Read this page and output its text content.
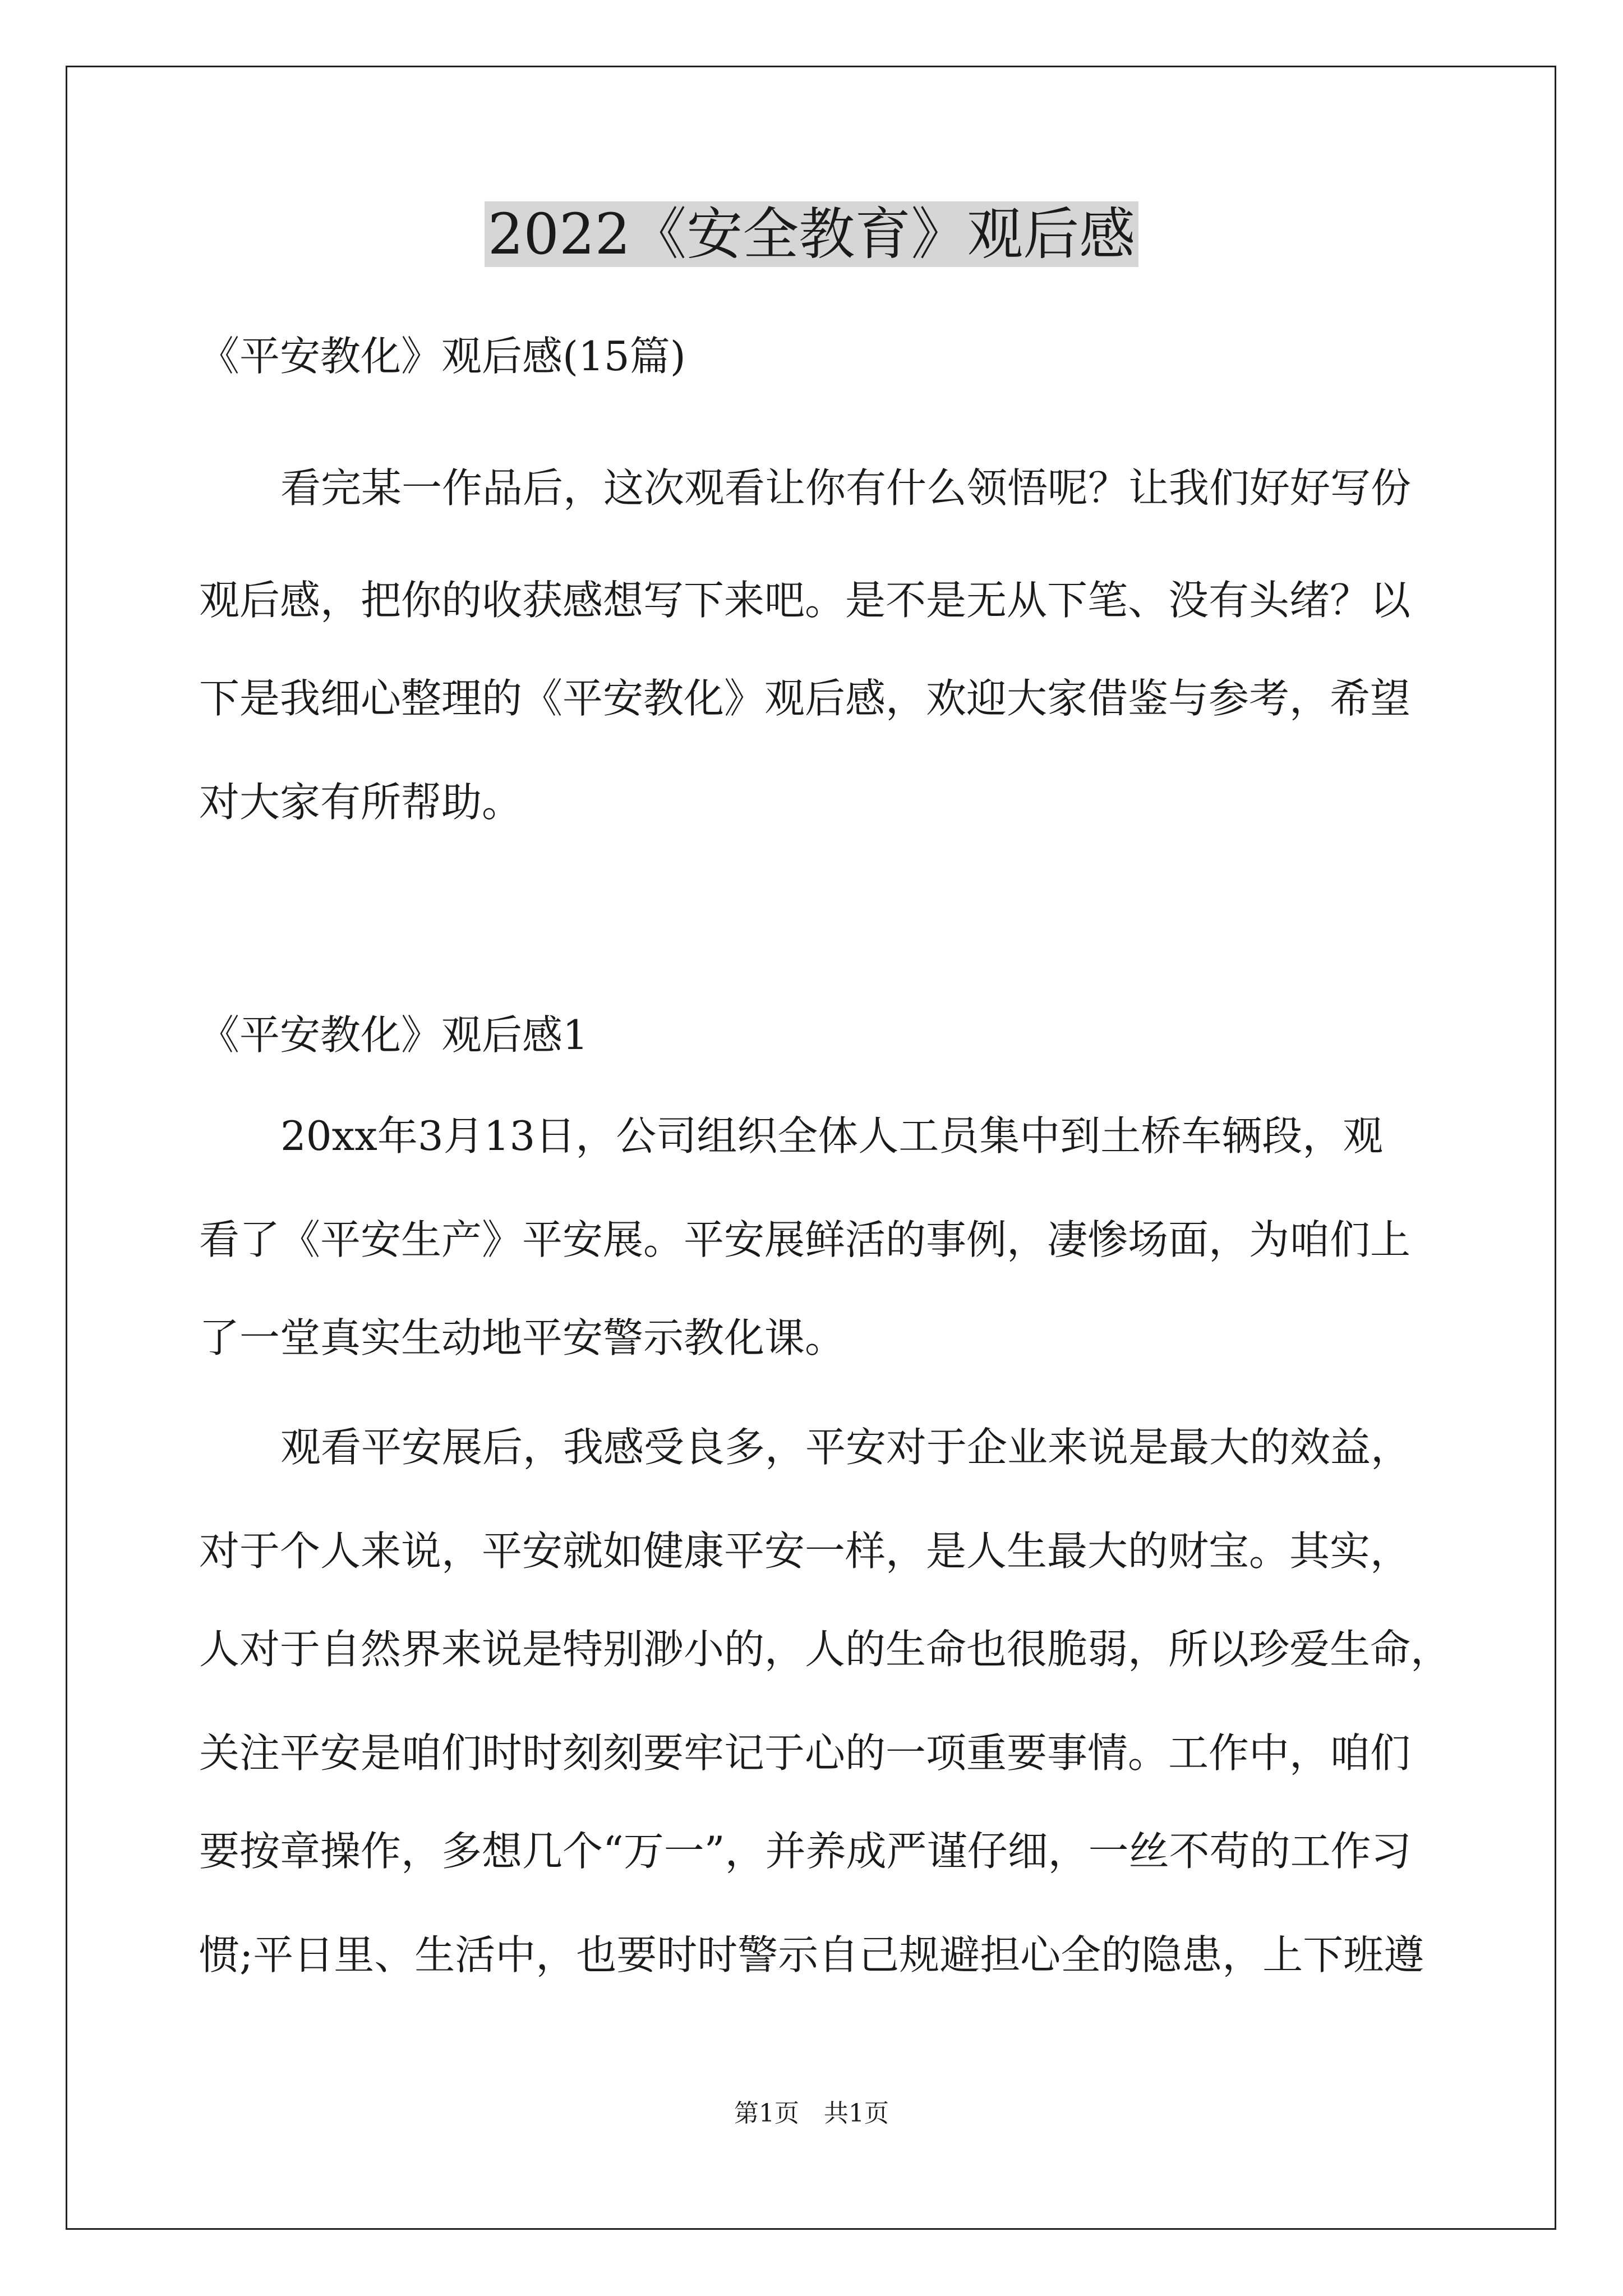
2022《安全教育》观后感

《平安教化》观后感(15篇)

看完某一作品后，这次观看让你有什么领悟呢？让我们好好写份

观后感，把你的收获感想写下来吧。是不是无从下笔、没有头绪？以

下是我细心整理的《平安教化》观后感，欢迎大家借鉴与参考，希望

对大家有所帮助。

《平安教化》观后感1

20xx年3月13日，公司组织全体人工员集中到土桥车辆段，观

看了《平安生产》平安展。平安展鲜活的事例，凄惨场面，为咱们上

了一堂真实生动地平安警示教化课。

观看平安展后，我感受良多，平安对于企业来说是最大的效益，

对于个人来说，平安就如健康平安一样，是人生最大的财宝。其实，

人对于自然界来说是特别渺小的，人的生命也很脆弱，所以珍爱生命，

关注平安是咱们时时刻刻要牢记于心的一项重要事情。工作中，咱们

要按章操作，多想几个“万一”，并养成严谨仔细，一丝不苟的工作习

惯;平日里、生活中，也要时时警示自己规避担心全的隐患，上下班遵

第1页　共1页
